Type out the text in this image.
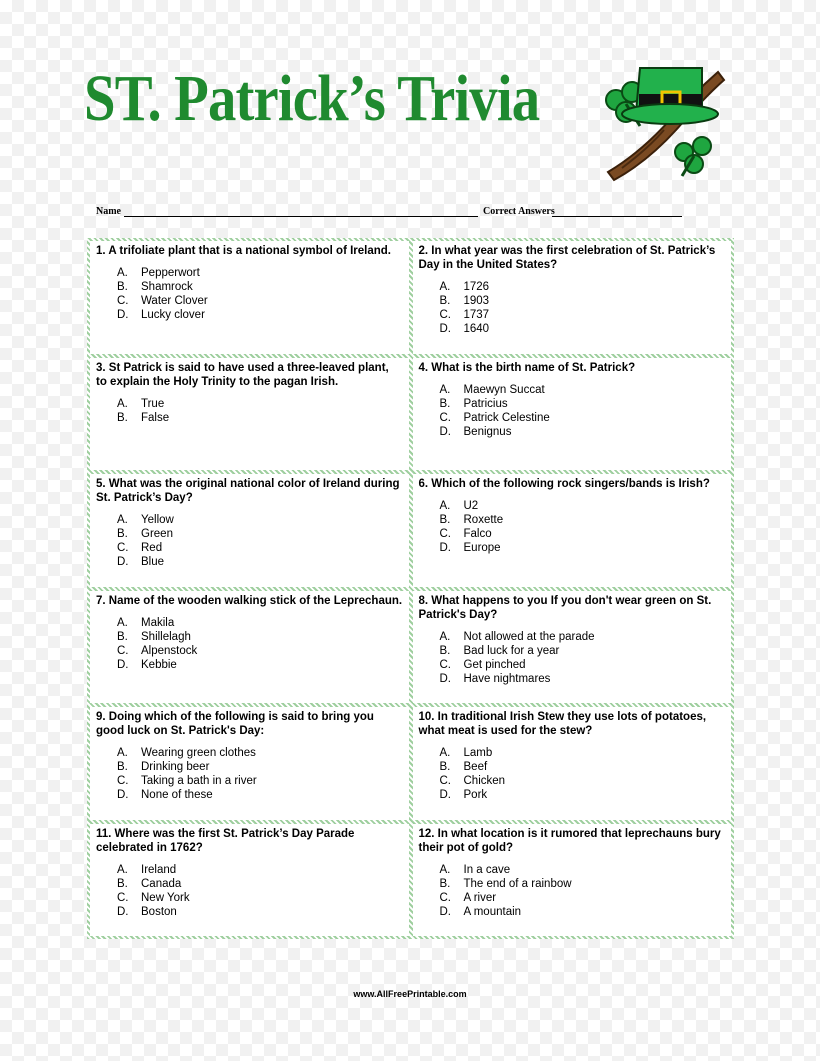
ST. Patrick’s Trivia
Name	Correct Answers
1. A trifoliate plant that is a national symbol of Ireland.
A.	Pepperwort
B.	Shamrock
C.	Water Clover
D.	Lucky clover
2. In what year was the first celebration of St. Patrick’s Day in the United States?
A.	1726
B.	1903
C.	1737
D.	1640
3. St Patrick is said to have used a three-leaved plant, to explain the Holy Trinity to the pagan Irish.
A.	True
B.	False
4. What is the birth name of St. Patrick?
A.	Maewyn Succat
B.	Patricius
C.	Patrick Celestine
D.	Benignus
5. What was the original national color of Ireland during St. Patrick’s Day?
A.	Yellow
B.	Green
C.	Red
D.	Blue
6. Which of the following rock singers/bands is Irish?
A.	U2
B.	Roxette
C.	Falco
D.	Europe
7. Name of the wooden walking stick of the Leprechaun.
A.	Makila
B.	Shillelagh
C.	Alpenstock
D.	Kebbie
8. What happens to you If you don't wear green on St. Patrick's Day?
A.	Not allowed at the parade
B.	Bad luck for a year
C.	Get pinched
D.	Have nightmares
9. Doing which of the following is said to bring you good luck on St. Patrick's Day:
A.	Wearing green clothes
B.	Drinking beer
C.	Taking a bath in a river
D.	None of these
10. In traditional Irish Stew they use lots of potatoes, what meat is used for the stew?
A.	Lamb
B.	Beef
C.	Chicken
D.	Pork
11. Where was the first St. Patrick’s Day Parade celebrated in 1762?
A.	Ireland
B.	Canada
C.	New York
D.	Boston
12. In what location is it rumored that leprechauns bury their pot of gold?
A.	In a cave
B.	The end of a rainbow
C.	A river
D.	A mountain
www.AllFreePrintable.com
